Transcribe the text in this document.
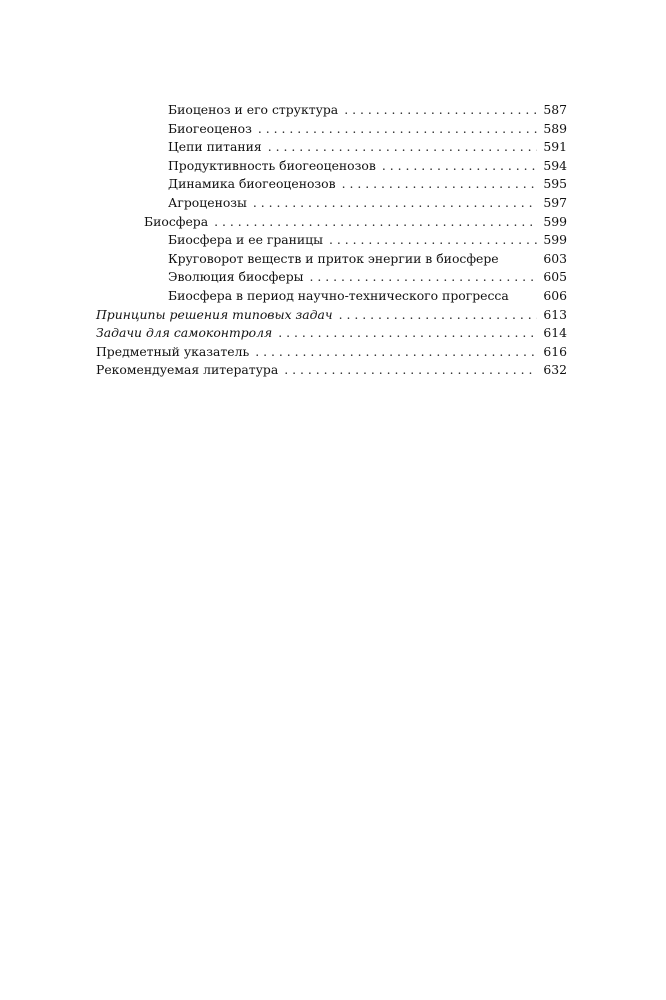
Биоценоз и его структура . . .	587
Биогеоценоз . . .	589
Цепи питания . . .	591
Продуктивность биогеоценозов . . .	594
Динамика биогеоценозов . . .	595
Агроценозы . . .	597
Биосфера . . .	599
Биосфера и ее границы . . .	599
Круговорот веществ и приток энергии в биосфере	603
Эволюция биосферы . . .	605
Биосфера в период научно-технического прогресса	606
Принципы решения типовых задач . . .	613
Задачи для самоконтроля . . .	614
Предметный указатель . . .	616
Рекомендуемая литература . . .	632
